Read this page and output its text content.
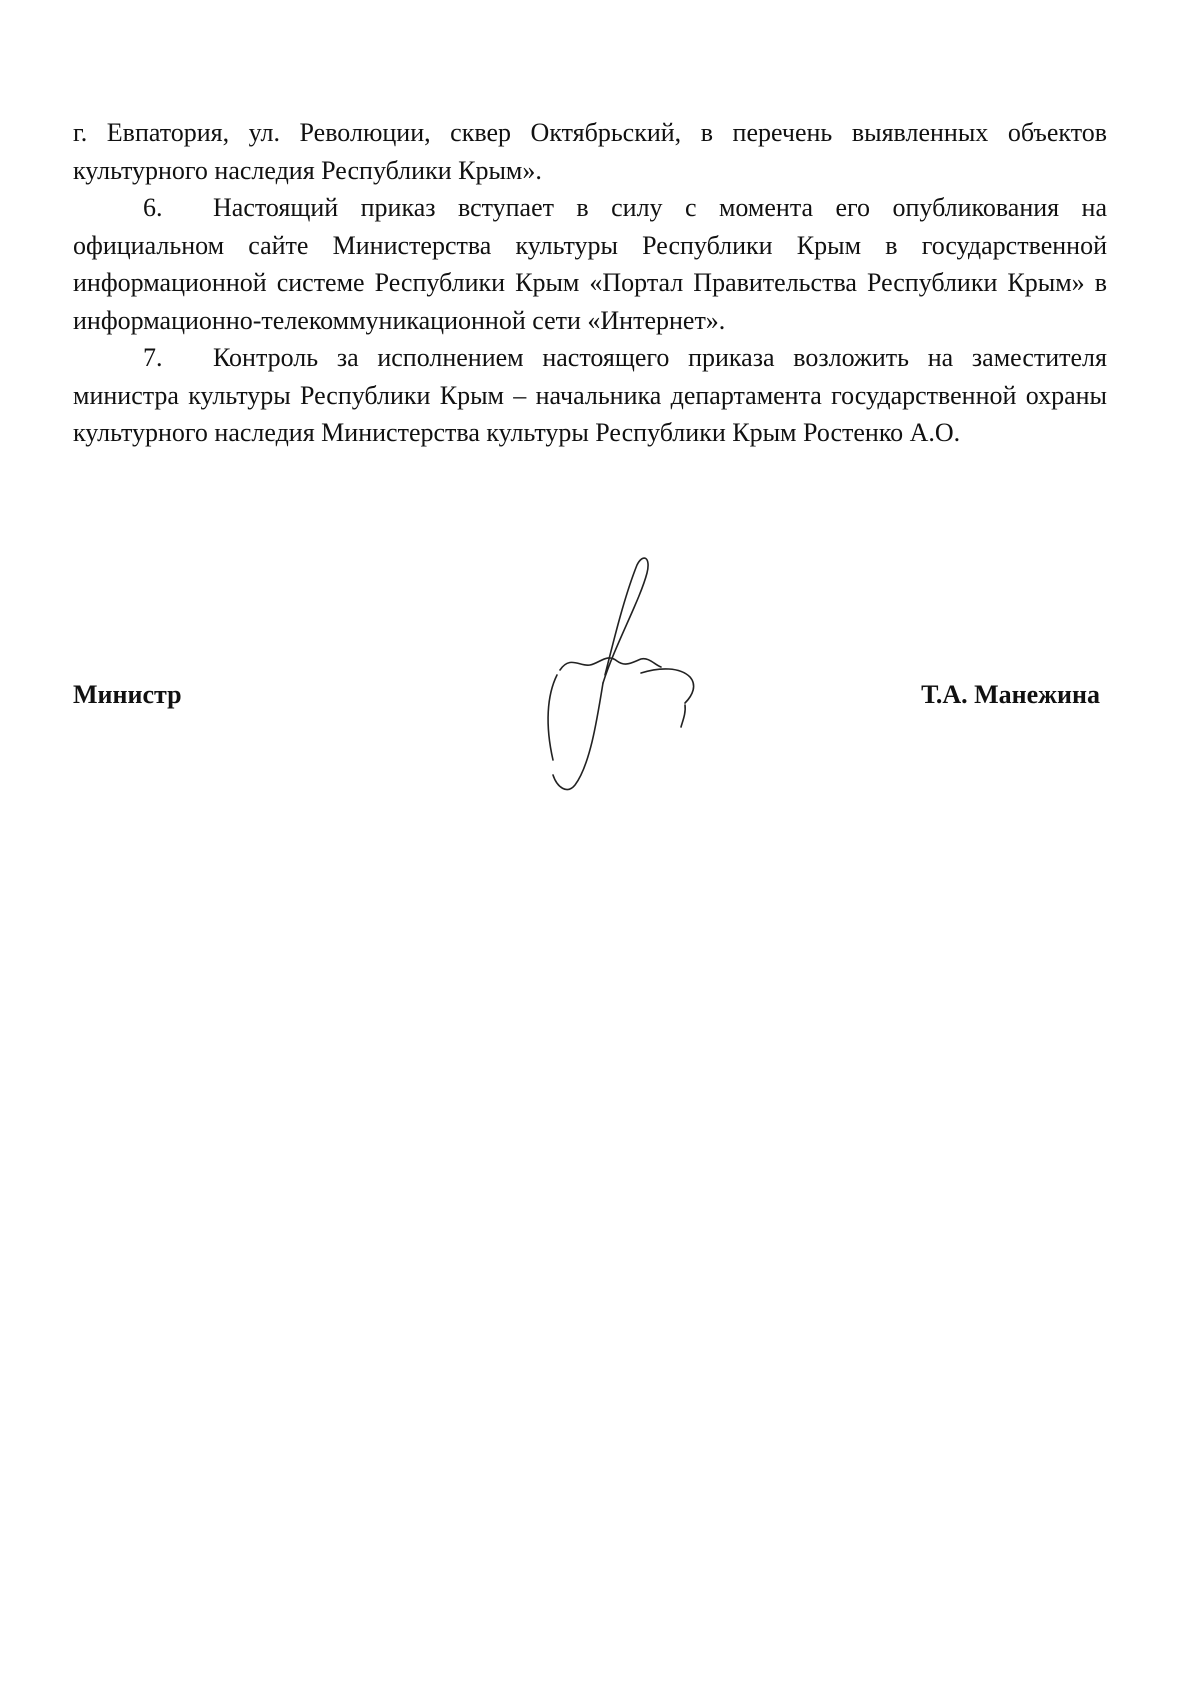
г. Евпатория, ул. Революции, сквер Октябрьский, в перечень выявленных объектов культурного наследия Республики Крым».

6. Настоящий приказ вступает в силу с момента его опубликования на официальном сайте Министерства культуры Республики Крым в государственной информационной системе Республики Крым «Портал Правительства Республики Крым» в информационно-телекоммуникационной сети «Интернет».

7. Контроль за исполнением настоящего приказа возложить на заместителя министра культуры Республики Крым – начальника департамента государственной охраны культурного наследия Министерства культуры Республики Крым Ростенко А.О.

Министр	Т.А. Манежина
